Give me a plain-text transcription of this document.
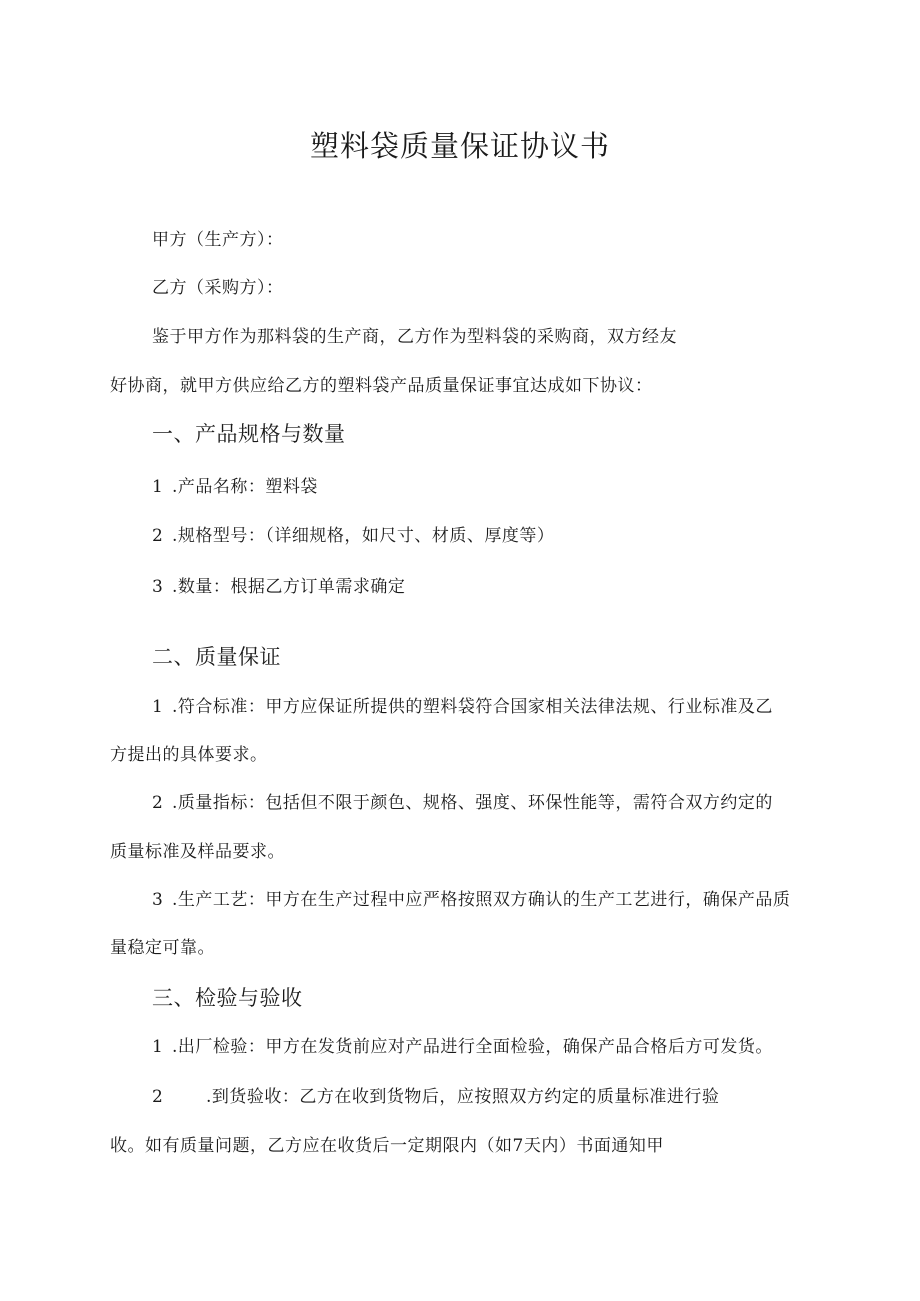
塑料袋质量保证协议书
甲方（生产方）：
乙方（采购方）：
鉴于甲方作为那料袋的生产商，乙方作为型料袋的采购商，双方经友
好协商，就甲方供应给乙方的塑料袋产品质量保证事宜达成如下协议：
一、产品规格与数量
1 .产品名称：塑料袋
2 .规格型号：（详细规格，如尺寸、材质、厚度等）
3 .数量：根据乙方订单需求确定
二、质量保证
1 .符合标准：甲方应保证所提供的塑料袋符合国家相关法律法规、行业标准及乙
方提出的具体要求。
2 .质量指标：包括但不限于颜色、规格、强度、环保性能等，需符合双方约定的
质量标准及样品要求。
3 .生产工艺：甲方在生产过程中应严格按照双方确认的生产工艺进行，确保产品质
量稳定可靠。
三、检验与验收
1 .出厂检验：甲方在发货前应对产品进行全面检验，确保产品合格后方可发货。
2	.到货验收：乙方在收到货物后，应按照双方约定的质量标准进行验
收。如有质量问题，乙方应在收货后一定期限内（如7天内）书面通知甲
